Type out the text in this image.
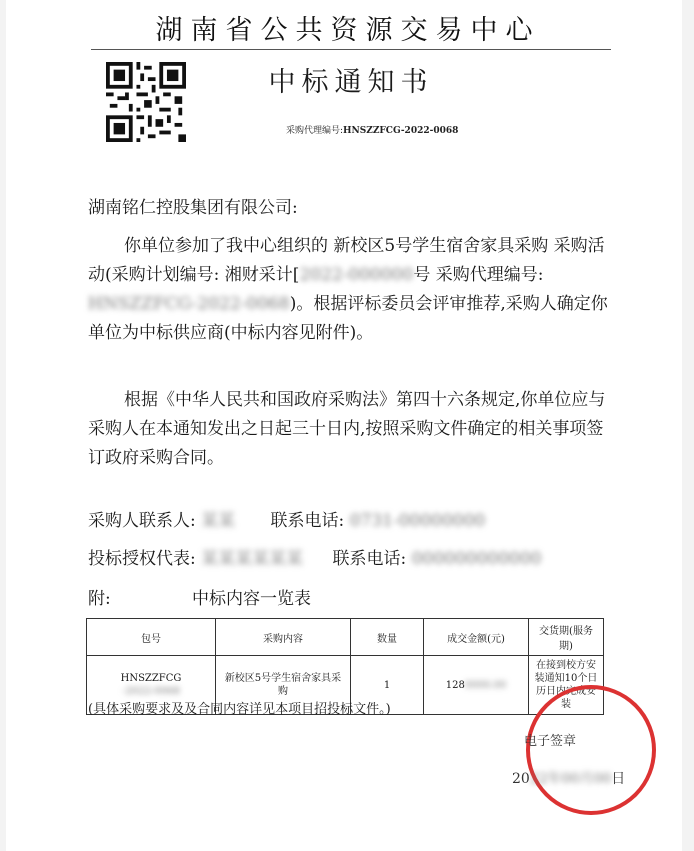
湖南省公共资源交易中心
中标通知书
采购代理编号:HNSZZFCG-2022-0068
湖南铭仁控股集团有限公司:
你单位参加了我中心组织的 新校区5号学生宿舍家具采购 采购活动(采购计划编号: 湘财采计[2022-000000号 采购代理编号: HNSZZFCG-2022-0068)。根据评标委员会评审推荐,采购人确定你单位为中标供应商(中标内容见附件)。
根据《中华人民共和国政府采购法》第四十六条规定,你单位应与采购人在本通知发出之日起三十日内,按照采购文件确定的相关事项签订政府采购合同。
采购人联系人: 某某 联系电话: 0731-00000000
投标授权代表: 某某某某某某 联系电话: 000000000000
附:	中标内容一览表
包号	采购内容	数量	成交金额(元)	交货期(服务期)
HNSZZFCG
-2022-0068	新校区5号学生宿舍家具采购	1	1280000.00	在接到校方安装通知10个日历日内完成安装
(具体采购要求及及合同内容详见本项目招投标文件。)
电子签章
2022年00月00日
